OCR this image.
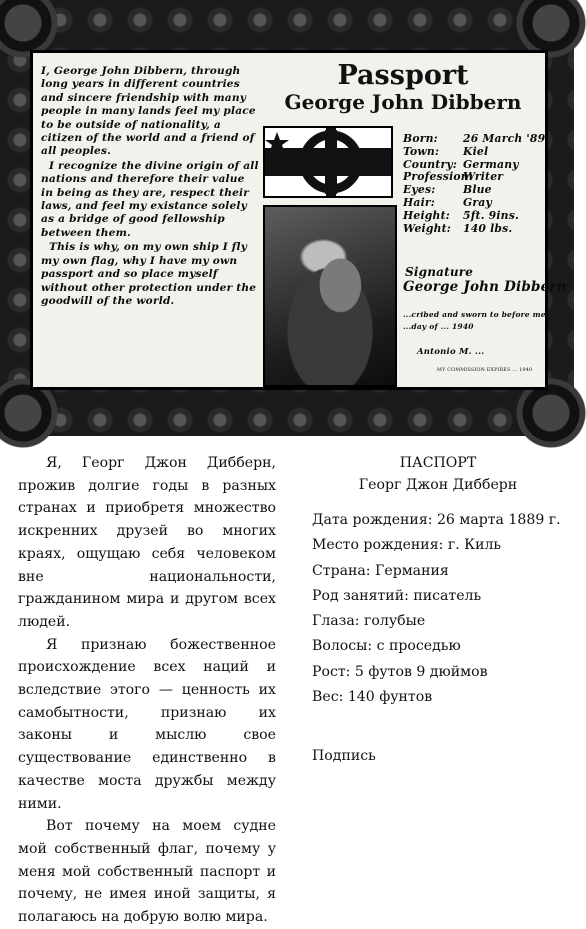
I, George John Dibbern, through long years in different countries and sincere friendship with many people in many lands feel my place to be outside of nationality, a citizen of the world and a friend of all peoples.

I recognize the divine origin of all nations and therefore their value in being as they are, respect their laws, and feel my existance solely as a bridge of good fellowship between them.

This is why, on my own ship I fly my own flag, why I have my own passport and so place myself without other protection under the goodwill of the world.

Passport
George John Dibbern
Born:	26 March '89
Town:	Kiel
Country: Germany
Profession:
Writer
Eyes:	Blue
Hair:	Gray
Height:	5ft. 9ins.
Weight:	140 lbs.
Signature
George John Dibbern
...cribed and sworn to before me
...day of ... 1940
Antonio M. ...
MY COMMISSION EXPIRES ... 1940

Я, Георг Джон Дибберн, прожив долгие годы в разных странах и приобретя множество искренних друзей во многих краях, ощущаю себя человеком вне национальности, гражданином мира и другом всех людей.

Я признаю божественное происхождение всех наций и вследствие этого — ценность их самобытности, признаю их законы и мыслю свое существование единственно в качестве моста дружбы между ними.

Вот почему на моем судне мой собственный флаг, почему у меня мой собственный паспорт и почему, не имея иной защиты, я полагаюсь на добрую волю мира.

ПАСПОРТ
Георг Джон Дибберн
Дата рождения: 26 марта 1889 г.
Место рождения: г. Киль
Страна: Германия
Род занятий: писатель
Глаза: голубые
Волосы: с проседью
Рост: 5 футов 9 дюймов
Вес: 140 фунтов
Подпись
